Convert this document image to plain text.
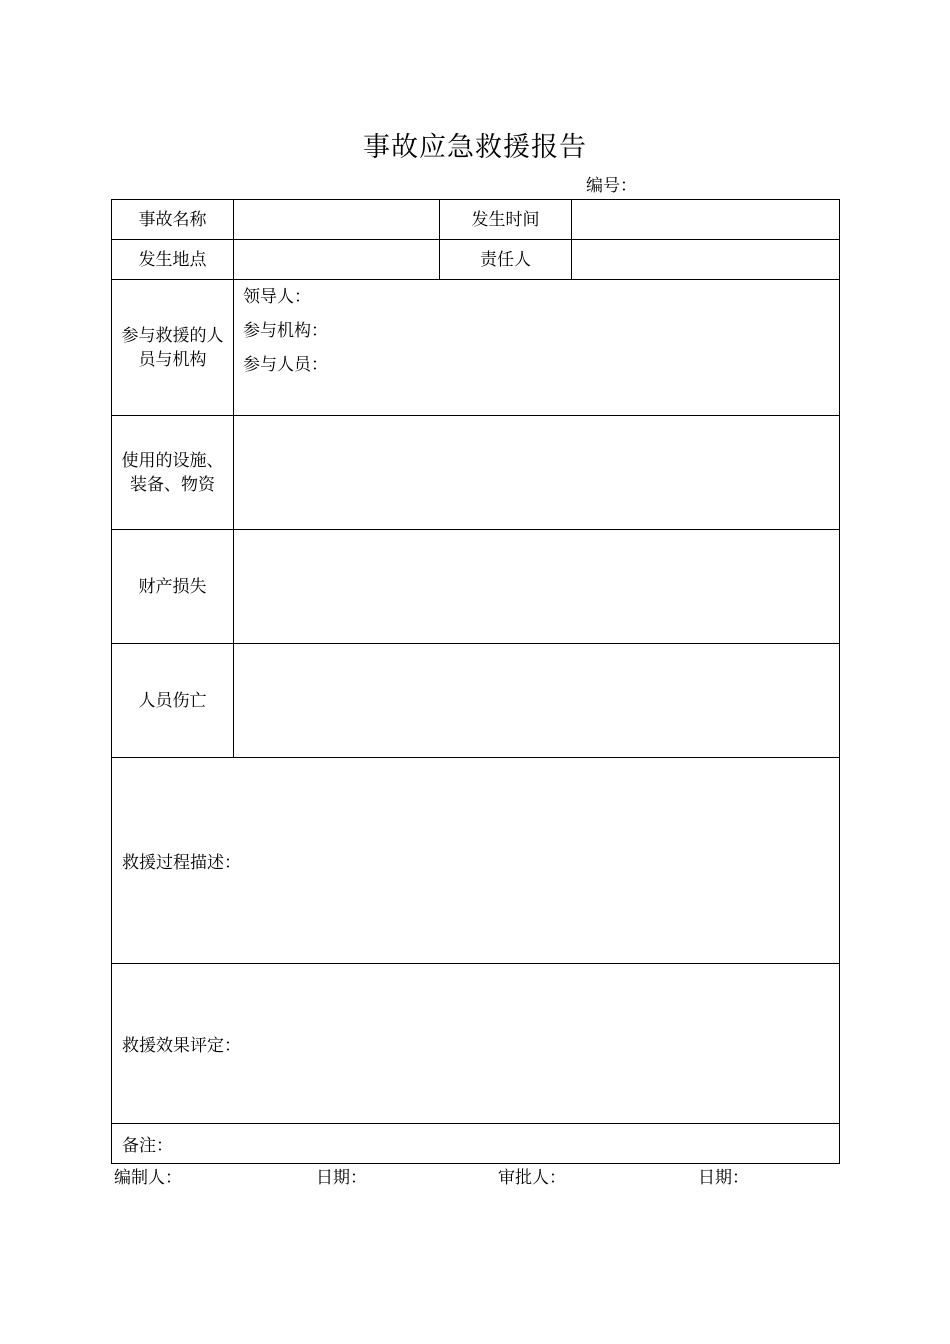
事故应急救援报告
编号：
事故名称		发生时间	
发生地点		责任人	
参与救援的人员与机构	领导人：
参与机构：
参与人员：		

使用的设施、装备、物资			
财产损失			
人员伤亡			

救援过程描述：			

救援效果评定：			

备注：			
编制人：	日期：	审批人：	日期：
